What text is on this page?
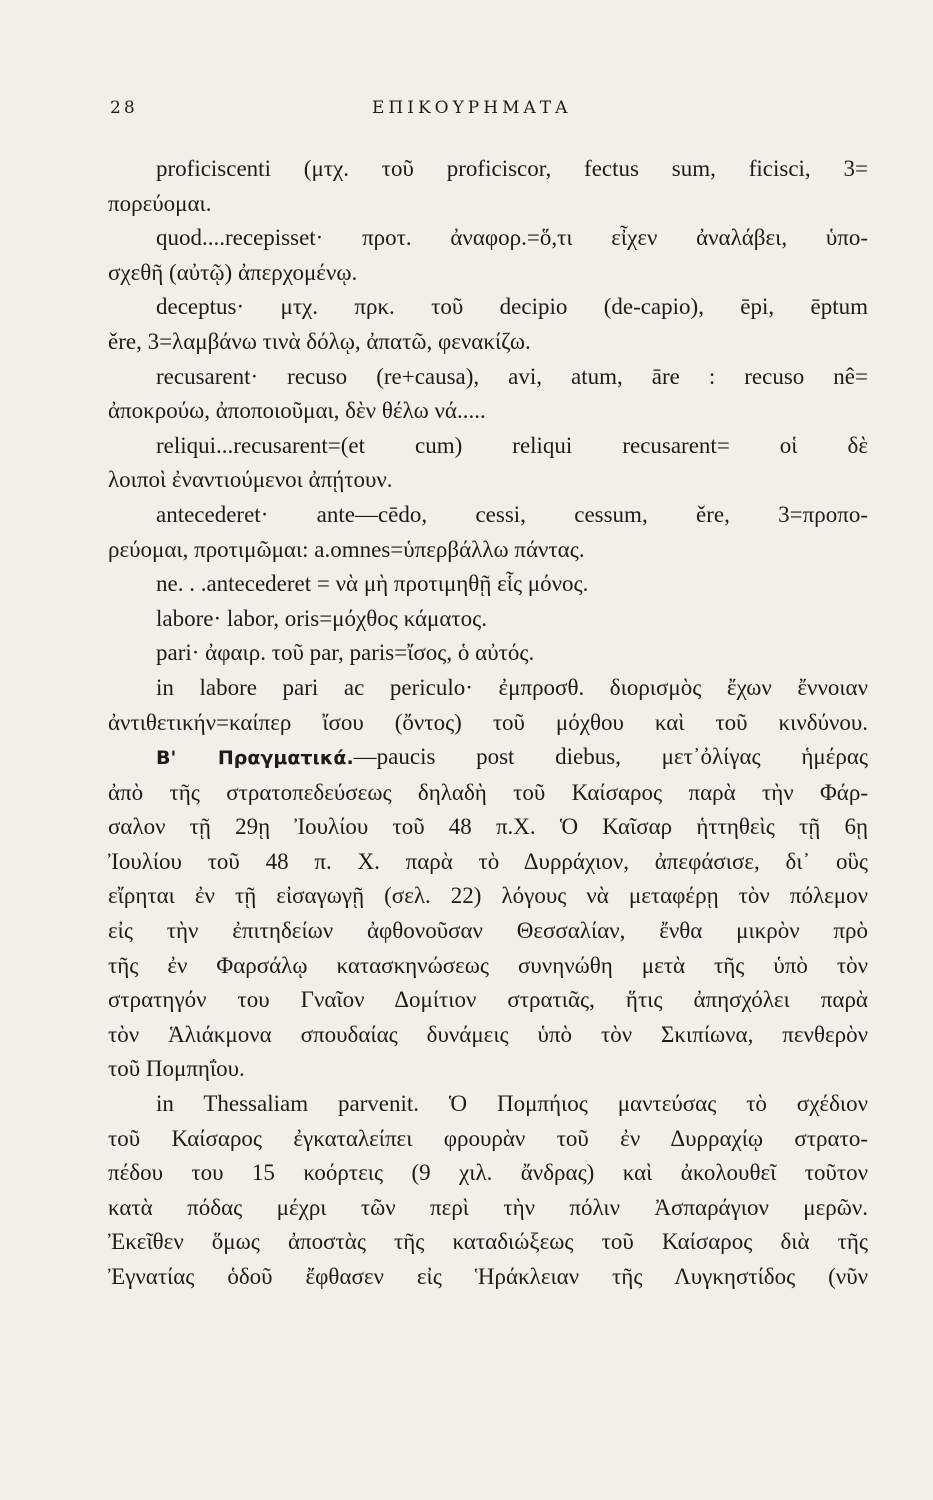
28	ΕΠΙΚΟΥΡΗΜΑΤΑ
proficiscenti (μτχ. τοῦ proficiscor, fectus sum, ficisci, 3=
πορεύομαι.
quod....recepisset· προτ. ἀναφορ.=ὅ,τι εἶχεν ἀναλάβει, ὑπο-
σχεθῆ (αὐτῷ) ἀπερχομένῳ.
deceptus· μτχ. πρκ. τοῦ decipio (de-capio), ēpi, ēptum
ěre, 3=λαμβάνω τινὰ δόλῳ, ἀπατῶ, φενακίζω.
recusarent· recuso (re+causa), avi, atum, āre : recuso nê=
ἀποκρούω, ἀποποιοῦμαι, δὲν θέλω νά.....
reliqui...recusarent=(et cum) reliqui recusarent= οἱ δὲ
λοιποὶ ἐναντιούμενοι ἀπῄτουν.
antecederet· ante—cēdo, cessi, cessum, ěre, 3=προπο-
ρεύομαι, προτιμῶμαι: a.omnes=ὑπερβάλλω πάντας.
ne. . .antecederet = νὰ μὴ προτιμηθῇ εἷς μόνος.
labore· labor, oris=μόχθος κάματος.
pari· ἀφαιρ. τοῦ par, paris=ἴσος, ὁ αὐτός.
in labore pari ac periculo· ἐμπροσθ. διορισμὸς ἔχων ἔννοιαν
ἀντιθετικήν=καίπερ ἴσου (ὄντος) τοῦ μόχθου καὶ τοῦ κινδύνου.
Β' Πραγματικά.—paucis post diebus, μετ᾽ὀλίγας ἡμέρας
ἀπὸ τῆς στρατοπεδεύσεως δηλαδὴ τοῦ Καίσαρος παρὰ τὴν Φάρ-
σαλον τῇ 29ῃ Ἰουλίου τοῦ 48 π.Χ. Ὁ Καῖσαρ ἡττηθεὶς τῇ 6ῃ
Ἰουλίου τοῦ 48 π. Χ. παρὰ τὸ Δυρράχιον, ἀπεφάσισε, δι᾽ οὓς
εἴρηται ἐν τῇ εἰσαγωγῇ (σελ. 22) λόγους νὰ μεταφέρῃ τὸν πόλεμον
εἰς τὴν ἐπιτηδείων ἀφθονοῦσαν Θεσσαλίαν, ἔνθα μικρὸν πρὸ
τῆς ἐν Φαρσάλῳ κατασκηνώσεως συνηνώθη μετὰ τῆς ὑπὸ τὸν
στρατηγόν του Γναῖον Δομίτιον στρατιᾶς, ἥτις ἀπησχόλει παρὰ
τὸν Ἁλιάκμονα σπουδαίας δυνάμεις ὑπὸ τὸν Σκιπίωνα, πενθερὸν
τοῦ Πομπηΐου.
in Thessaliam parvenit. Ὁ Πομπήιος μαντεύσας τὸ σχέδιον
τοῦ Καίσαρος ἐγκαταλείπει φρουρὰν τοῦ ἐν Δυρραχίῳ στρατο-
πέδου του 15 κοόρτεις (9 χιλ. ἄνδρας) καὶ ἀκολουθεῖ τοῦτον
κατὰ πόδας μέχρι τῶν περὶ τὴν πόλιν Ἀσπαράγιον μερῶν.
Ἐκεῖθεν ὅμως ἀποστὰς τῆς καταδιώξεως τοῦ Καίσαρος διὰ τῆς
Ἐγνατίας ὁδοῦ ἔφθασεν εἰς Ἡράκλειαν τῆς Λυγκηστίδος (νῦν
